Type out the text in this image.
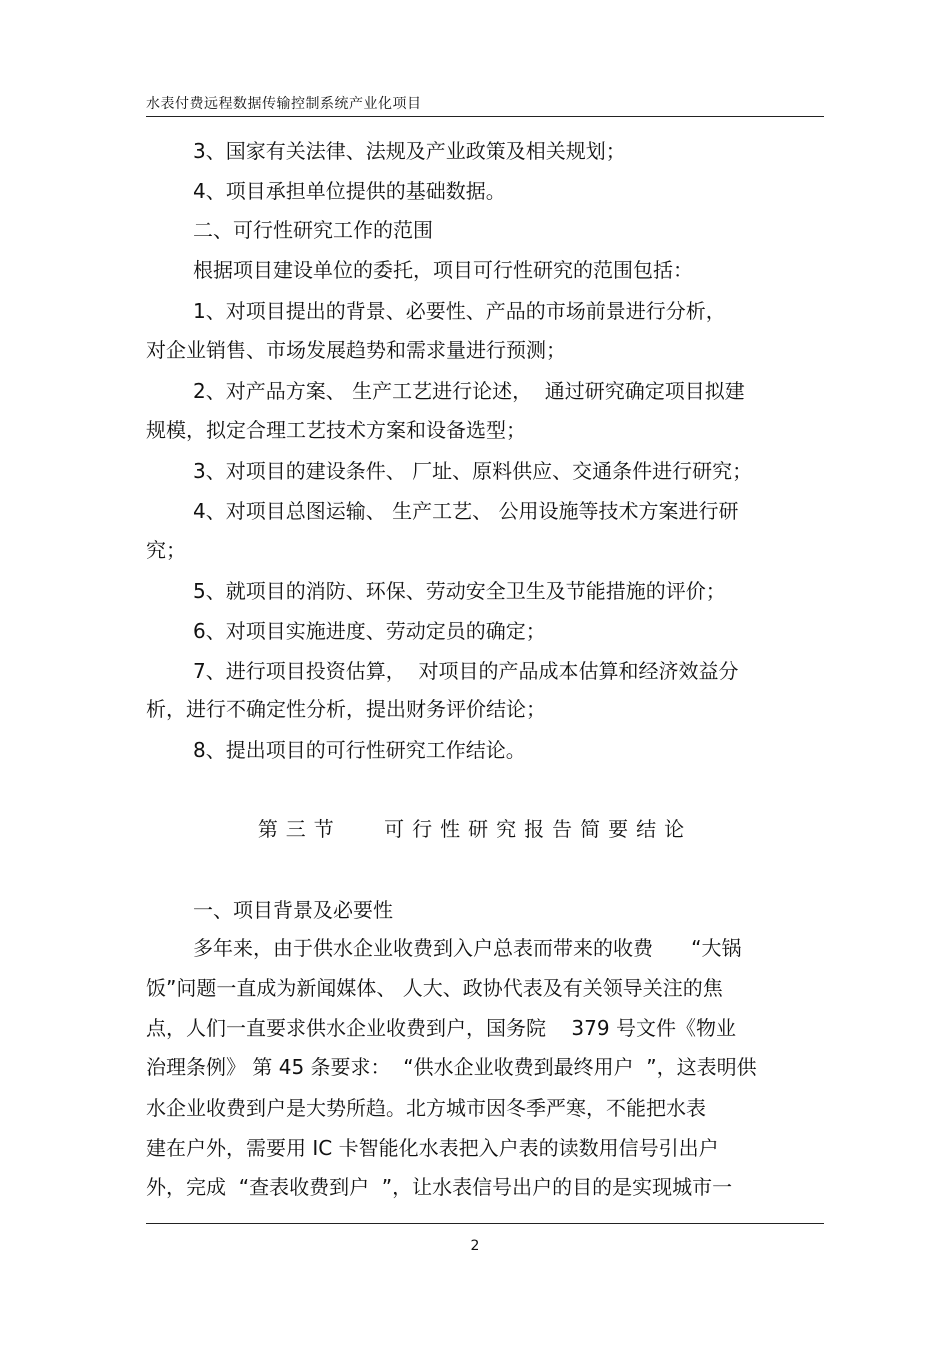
水表付费远程数据传输控制系统产业化项目
3、国家有关法律、法规及产业政策及相关规划；
4、项目承担单位提供的基础数据。
二、可行性研究工作的范围
根据项目建设单位的委托，项目可行性研究的范围包括：
1、对项目提出的背景、必要性、产品的市场前景进行分析，
对企业销售、市场发展趋势和需求量进行预测；
2、对产品方案、 生产工艺进行论述，  通过研究确定项目拟建
规模，拟定合理工艺技术方案和设备选型；
3、对项目的建设条件、 厂址、原料供应、交通条件进行研究；
4、对项目总图运输、 生产工艺、 公用设施等技术方案进行研
究；
5、就项目的消防、环保、劳动安全卫生及节能措施的评价；
6、对项目实施进度、劳动定员的确定；
7、进行项目投资估算，  对项目的产品成本估算和经济效益分
析，进行不确定性分析，提出财务评价结论；
8、提出项目的可行性研究工作结论。
第三节　 可行性研究报告简要结论
一、项目背景及必要性
多年来，由于供水企业收费到入户总表而带来的收费      “大锅
饭”问题一直成为新闻媒体、 人大、政协代表及有关领导关注的焦
点，人们一直要求供水企业收费到户，国务院    379 号文件《物业
治理条例》 第 45 条要求：  “供水企业收费到最终用户  ”，这表明供
水企业收费到户是大势所趋。北方城市因冬季严寒，不能把水表
建在户外，需要用 IC 卡智能化水表把入户表的读数用信号引出户
外，完成  “查表收费到户  ”，让水表信号出户的目的是实现城市一
2
